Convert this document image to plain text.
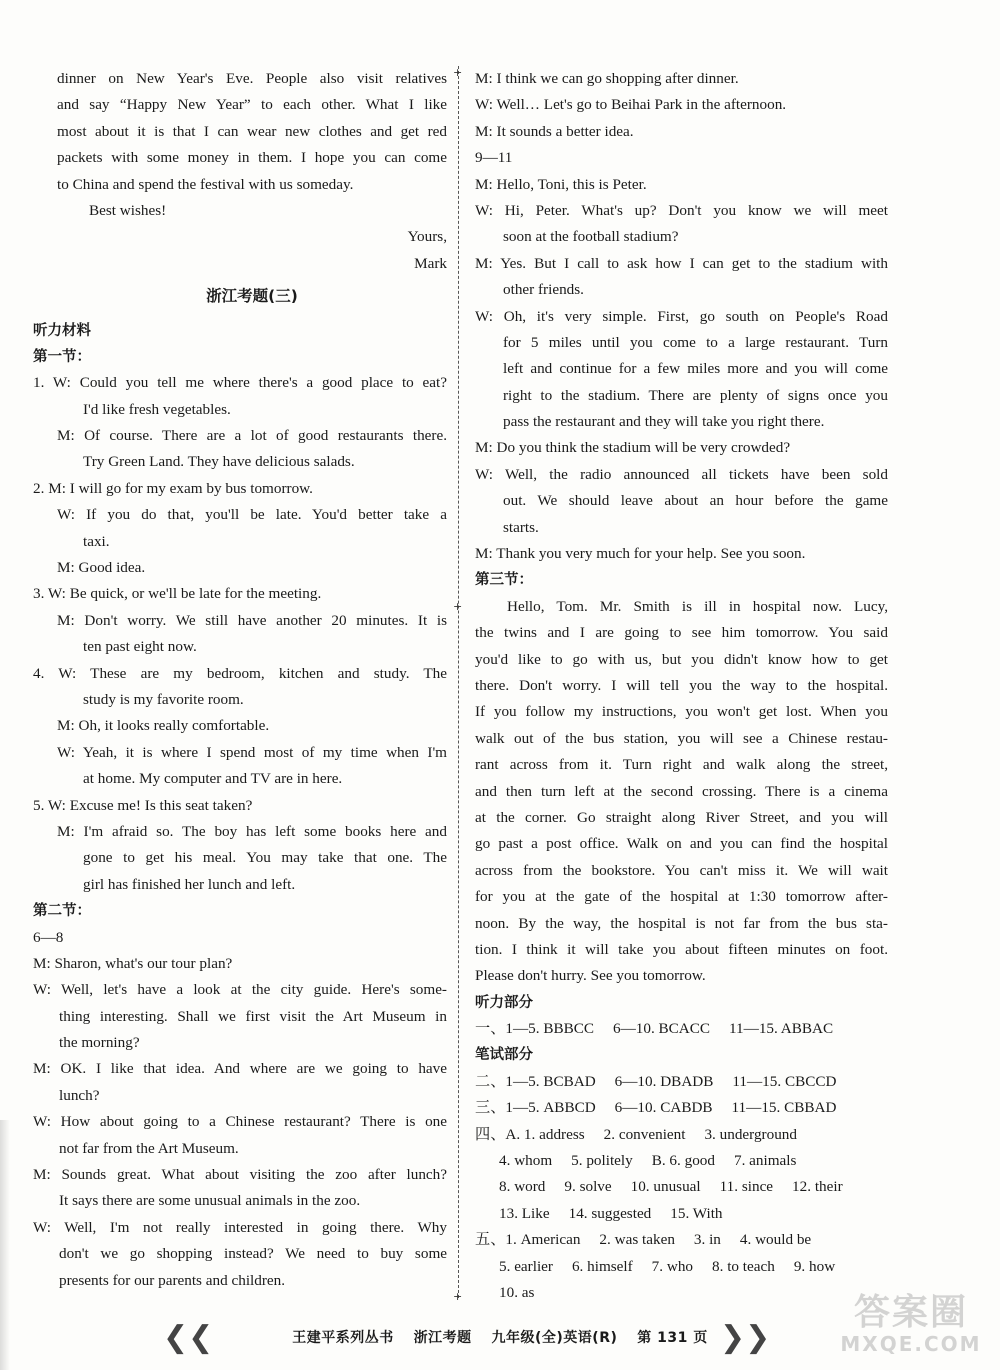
dinner on New Year's Eve. People also visit relatives
and say “Happy New Year” to each other. What I like
most about it is that I can wear new clothes and get red
packets with some money in them. I hope you can come
to China and spend the festival with us someday.
Best wishes!
Yours,
Mark
浙江考题(三)
听力材料
第一节：
1. W: Could you tell me where there's a good place to eat?
I'd like fresh vegetables.
M: Of course. There are a lot of good restaurants there.
Try Green Land. They have delicious salads.
2. M: I will go for my exam by bus tomorrow.
W: If you do that, you'll be late. You'd better take a
taxi.
M: Good idea.
3. W: Be quick, or we'll be late for the meeting.
M: Don't worry. We still have another 20 minutes. It is
ten past eight now.
4. W: These are my bedroom, kitchen and study. The
study is my favorite room.
M: Oh, it looks really comfortable.
W: Yeah, it is where I spend most of my time when I'm
at home. My computer and TV are in here.
5. W: Excuse me! Is this seat taken?
M: I'm afraid so. The boy has left some books here and
gone to get his meal. You may take that one. The
girl has finished her lunch and left.
第二节：
6—8
M: Sharon, what's our tour plan?
W: Well, let's have a look at the city guide. Here's some-
thing interesting. Shall we first visit the Art Museum in
the morning?
M: OK. I like that idea. And where are we going to have
lunch?
W: How about going to a Chinese restaurant? There is one
not far from the Art Museum.
M: Sounds great. What about visiting the zoo after lunch?
It says there are some unusual animals in the zoo.
W: Well, I'm not really interested in going there. Why
don't we go shopping instead? We need to buy some
presents for our parents and children.
+
+
+
M: I think we can go shopping after dinner.
W: Well… Let's go to Beihai Park in the afternoon.
M: It sounds a better idea.
9—11
M: Hello, Toni, this is Peter.
W: Hi, Peter. What's up? Don't you know we will meet
soon at the football stadium?
M: Yes. But I call to ask how I can get to the stadium with
other friends.
W: Oh, it's very simple. First, go south on People's Road
for 5 miles until you come to a large restaurant. Turn
left and continue for a few miles more and you will come
right to the stadium. There are plenty of signs once you
pass the restaurant and they will take you right there.
M: Do you think the stadium will be very crowded?
W: Well, the radio announced all tickets have been sold
out. We should leave about an hour before the game
starts.
M: Thank you very much for your help. See you soon.
第三节：
Hello, Tom. Mr. Smith is ill in hospital now. Lucy,
the twins and I are going to see him tomorrow. You said
you'd like to go with us, but you didn't know how to get
there. Don't worry. I will tell you the way to the hospital.
If you follow my instructions, you won't get lost. When you
walk out of the bus station, you will see a Chinese restau-
rant across from it. Turn right and walk along the street,
and then turn left at the second crossing. There is a cinema
at the corner. Go straight along River Street, and you will
go past a post office. Walk on and you can find the hospital
across from the bookstore. You can't miss it. We will wait
for you at the gate of the hospital at 1:30 tomorrow after-
noon. By the way, the hospital is not far from the bus sta-
tion. I think it will take you about fifteen minutes on foot.
Please don't hurry. See you tomorrow.
听力部分
一、1—5. BBBCC  6—10. BCACC  11—15. ABBAC
笔试部分
二、1—5. BCBAD  6—10. DBADB  11—15. CBCCD
三、1—5. ABBCD  6—10. CABDB  11—15. CBBAD
四、A. 1. address  2. convenient  3. underground
4. whom  5. politely  B. 6. good  7. animals
8. word  9. solve  10. unusual  11. since  12. their
13. Like  14. suggested  15. With
五、1. American  2. was taken  3. in  4. would be
5. earlier  6. himself  7. who  8. to teach  9. how
10. as
❮❮	王建平系列丛书  浙江考题  九年级(全)英语(R)  第 131 页 ❯❯
答案圈
MXQE.COM
